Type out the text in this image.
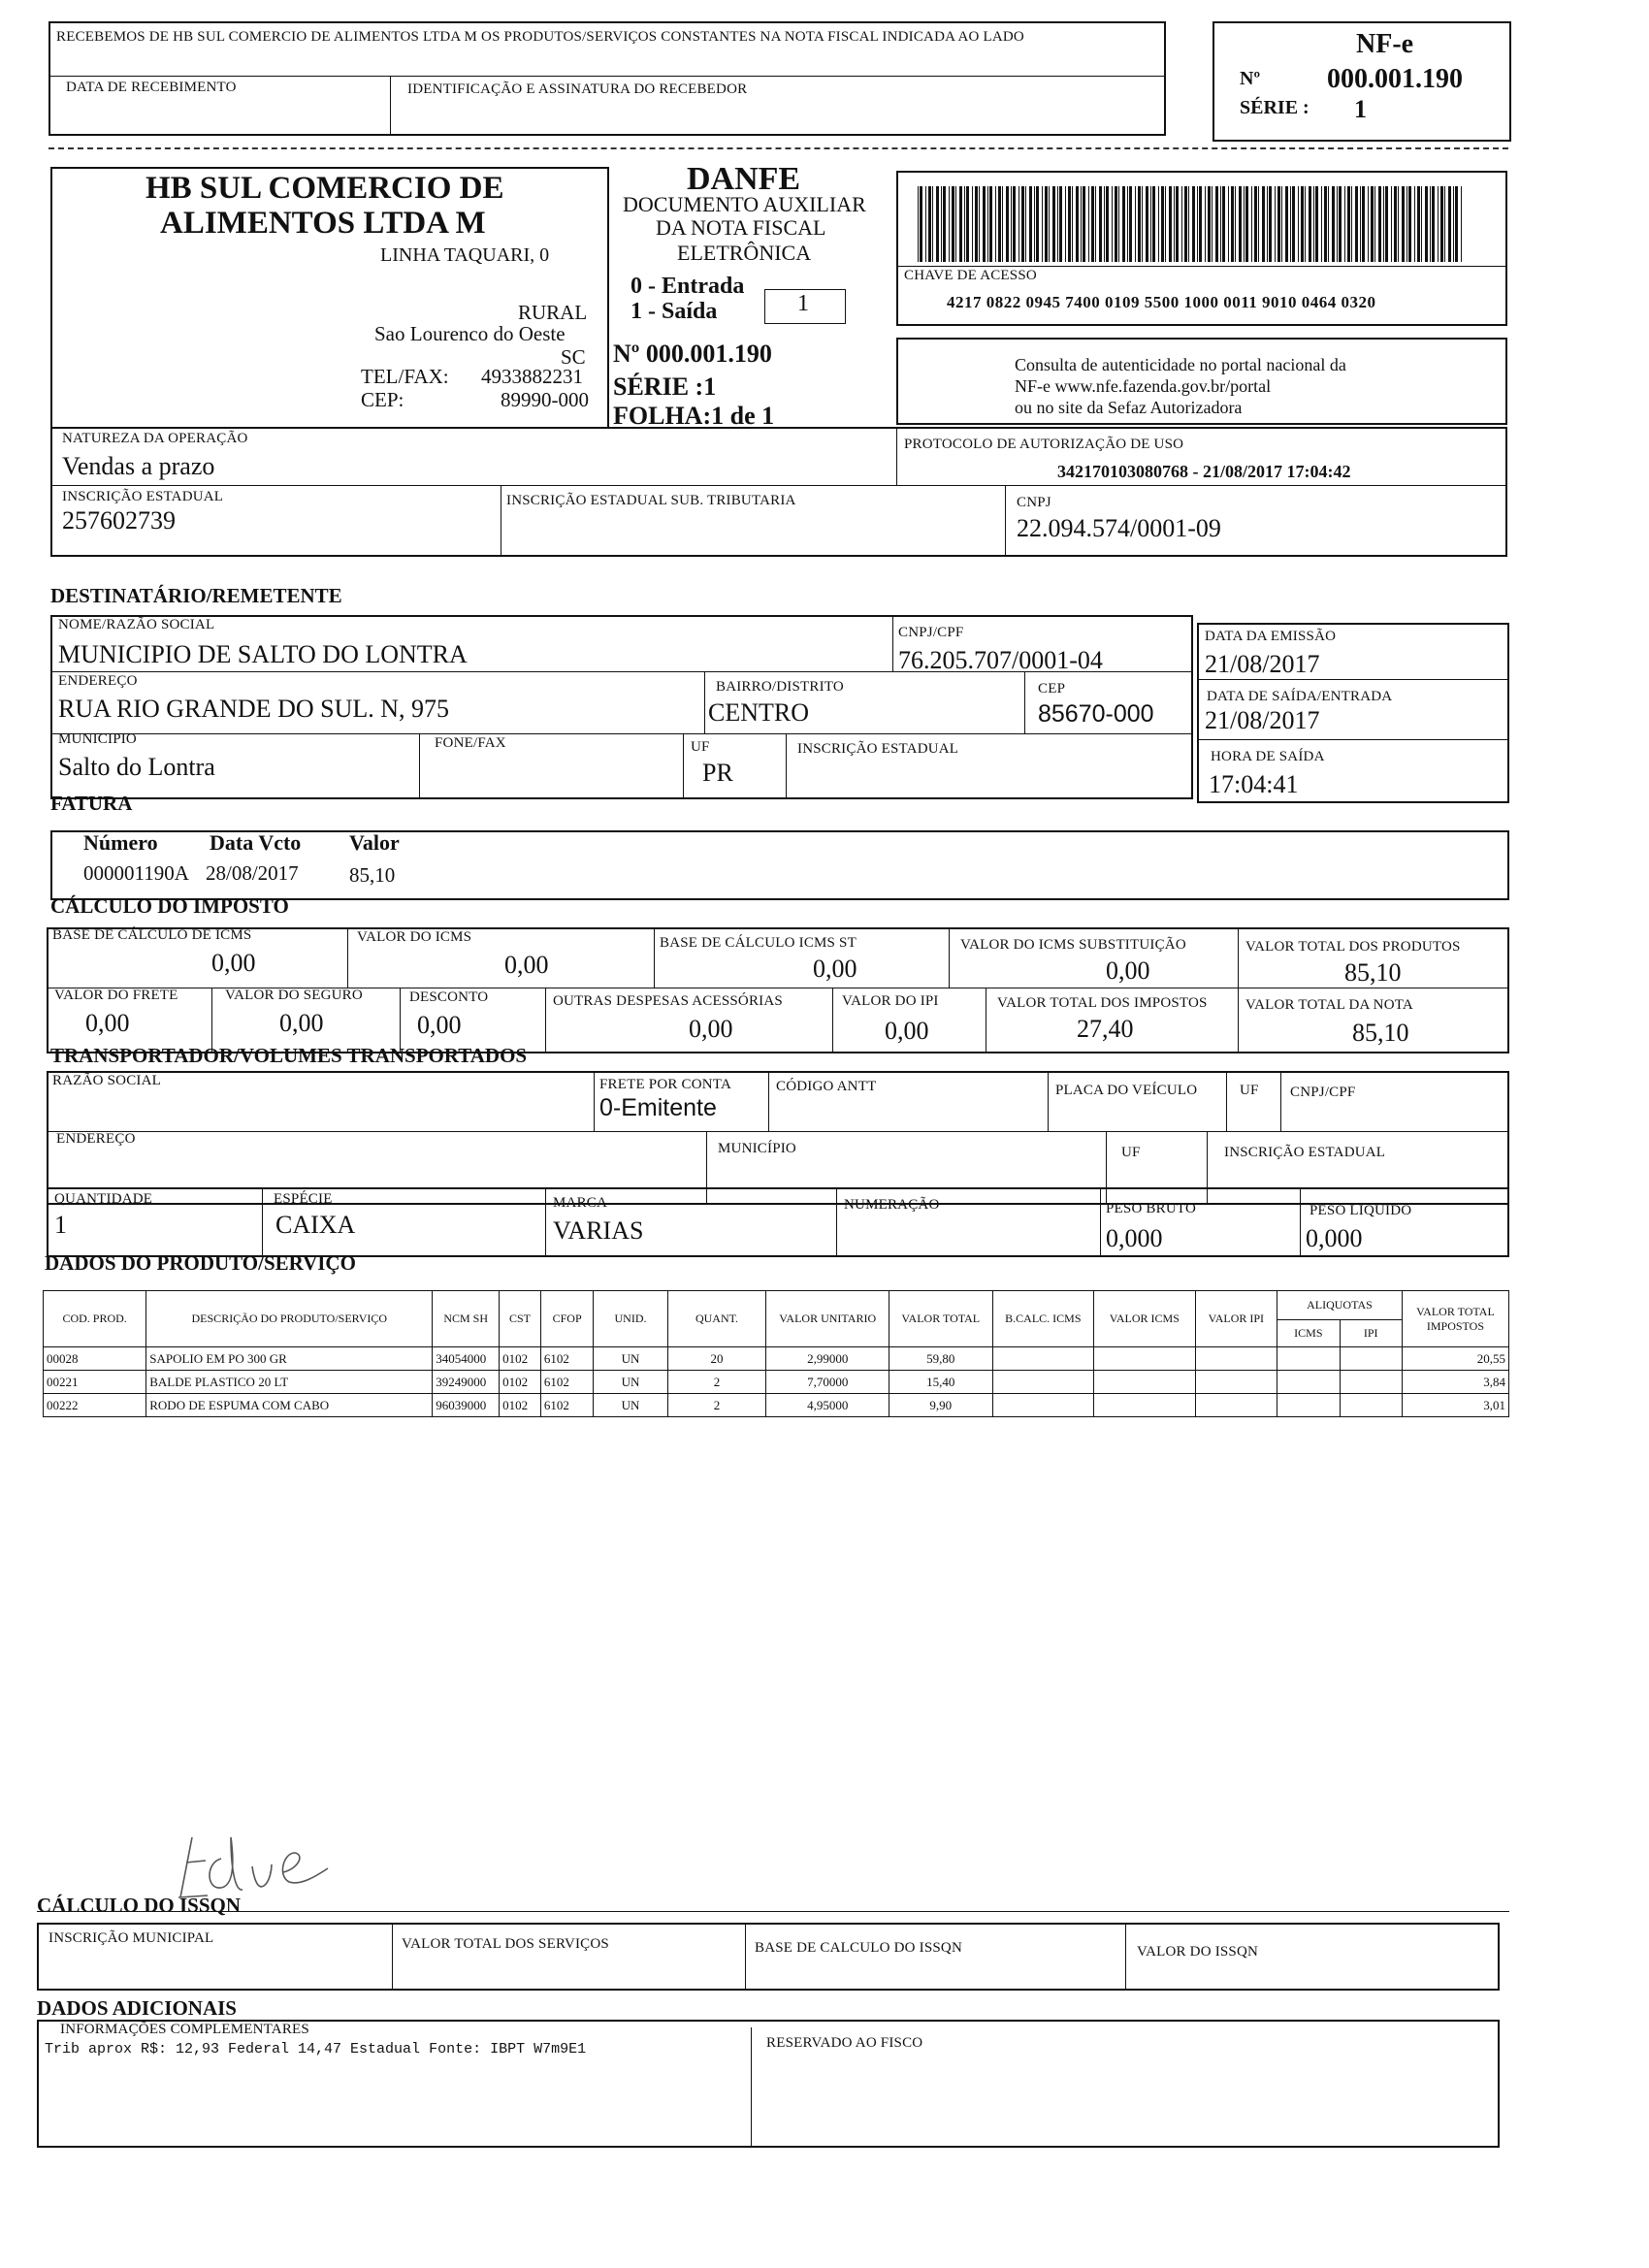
RECEBEMOS DE HB SUL COMERCIO DE ALIMENTOS LTDA M OS PRODUTOS/SERVIÇOS CONSTANTES NA NOTA FISCAL INDICADA AO LADO
DATA DE RECEBIMENTO	IDENTIFICAÇÃO E ASSINATURA DO RECEBEDOR
NF-e
Nº 000.001.190
SÉRIE : 1
HB SUL COMERCIO DE
ALIMENTOS LTDA M
LINHA TAQUARI, 0
RURAL
Sao Lourenco do Oeste
SC
TEL/FAX: 4933882231
CEP:	89990-000
DANFE
DOCUMENTO AUXILIAR
DA NOTA FISCAL
ELETRÔNICA
0 - Entrada
1 - Saída	1
Nº 000.001.190
SÉRIE :1
FOLHA:1 de 1
CHAVE DE ACESSO
4217 0822 0945 7400 0109 5500 1000 0011 9010 0464 0320
Consulta de autenticidade no portal nacional da
NF-e www.nfe.fazenda.gov.br/portal
ou no site da Sefaz Autorizadora
NATUREZA DA OPERAÇÃO
Vendas a prazo
PROTOCOLO DE AUTORIZAÇÃO DE USO
342170103080768 - 21/08/2017 17:04:42
INSCRIÇÃO ESTADUAL
257602739
INSCRIÇÃO ESTADUAL SUB. TRIBUTARIA	CNPJ
22.094.574/0001-09
DESTINATÁRIO/REMETENTE
NOME/RAZÃO SOCIAL
MUNICIPIO DE SALTO DO LONTRA
CNPJ/CPF
76.205.707/0001-04
DATA DA EMISSÃO
21/08/2017
ENDEREÇO
RUA RIO GRANDE DO SUL. N, 975
BAIRRO/DISTRITO
CENTRO
CEP
85670-000
DATA DE SAÍDA/ENTRADA
21/08/2017
MUNICIPIO
Salto do Lontra
FONE/FAX	UF
PR
INSCRIÇÃO ESTADUAL	HORA DE SAÍDA
17:04:41
FATURA
Número Data Vcto Valor
000001190A 28/08/2017 85,10
CÁLCULO DO IMPOSTO
BASE DE CÁLCULO DE ICMS
0,00
VALOR DO ICMS
0,00
BASE DE CÁLCULO ICMS ST
0,00
VALOR DO ICMS SUBSTITUIÇÃO
0,00
VALOR TOTAL DOS PRODUTOS
85,10
VALOR DO FRETE
0,00
VALOR DO SEGURO
0,00
DESCONTO
0,00
OUTRAS DESPESAS ACESSÓRIAS
0,00
VALOR DO IPI
0,00
VALOR TOTAL DOS IMPOSTOS
27,40
VALOR TOTAL DA NOTA
85,10
TRANSPORTADOR/VOLUMES TRANSPORTADOS
RAZÃO SOCIAL	FRETE POR CONTA
0-Emitente
CÓDIGO ANTT	PLACA DO VEÍCULO	UF CNPJ/CPF
ENDEREÇO
MUNICÍPIO	UF	INSCRIÇÃO ESTADUAL
QUANTIDADE
1
ESPÉCIE
CAIXA
MARCA
VARIAS
NUMERAÇÃO	PESO BRUTO
0,000
PESO LIQUIDO
0,000
DADOS DO PRODUTO/SERVIÇO
COD. PROD.	DESCRIÇÃO DO PRODUTO/SERVIÇO	NCM SH	CST	CFOP	UNID.	QUANT.	VALOR UNITARIO	VALOR TOTAL	B.CALC. ICMS	VALOR ICMS	VALOR IPI	ALIQUOTAS		VALOR TOTAL IMPOSTOS
												ICMS	IPI	
00028	SAPOLIO EM PO 300 GR	34054000	0102	6102	UN	20	2,99000	59,80						20,55
00221	BALDE PLASTICO 20 LT	39249000	0102	6102	UN	2	7,70000	15,40						3,84
00222	RODO DE ESPUMA COM CABO	96039000	0102	6102	UN	2	4,95000	9,90						3,01
CÁLCULO DO ISSQN
INSCRIÇÃO MUNICIPAL	VALOR TOTAL DOS SERVIÇOS	BASE DE CALCULO DO ISSQN	VALOR DO ISSQN
DADOS ADICIONAIS
INFORMAÇÕES COMPLEMENTARES
Trib aprox R$: 12,93 Federal 14,47 Estadual Fonte: IBPT W7m9E1	RESERVADO AO FISCO
